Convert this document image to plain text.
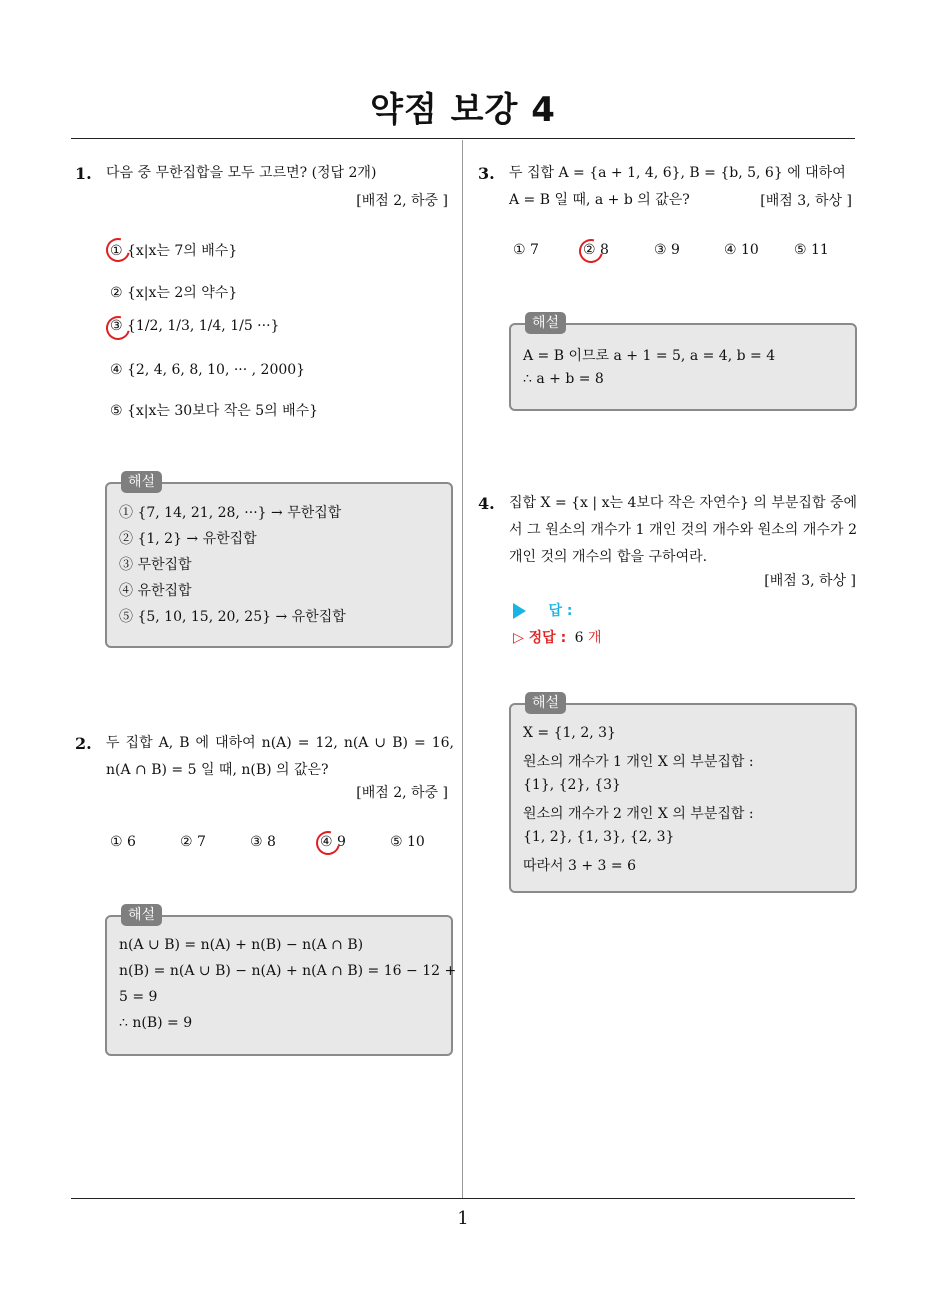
약점 보강 4
1. 다음 중 무한집합을 모두 고르면? (정답 2개)
[배점 2, 하중 ]
① {x|x는 7의 배수}
② {x|x는 2의 약수}
③ {1/2, 1/3, 1/4, 1/5 ···}
④ {2, 4, 6, 8, 10, ··· , 2000}
⑤ {x|x는 30보다 작은 5의 배수}
해설
① {7, 14, 21, 28, ···} → 무한집합
② {1, 2} → 유한집합
③ 무한집합
④ 유한집합
⑤ {5, 10, 15, 20, 25} → 유한집합
2. 두 집합 A, B 에 대하여 n(A) = 12, n(A ∪ B) = 16, n(A ∩ B) = 5 일 때, n(B) 의 값은?
[배점 2, 하중 ]
① 6	② 7	③ 8	④ 9	⑤ 10
해설
n(A ∪ B) = n(A) + n(B) − n(A ∩ B)
n(B) = n(A ∪ B) − n(A) + n(A ∩ B) = 16 − 12 +
5 = 9
∴ n(B) = 9
3. 두 집합 A = {a + 1, 4, 6}, B = {b, 5, 6} 에 대하여
A = B 일 때, a + b 의 값은?	[배점 3, 하상 ]
① 7	② 8	③ 9	④ 10	⑤ 11
해설
A = B 이므로 a + 1 = 5, a = 4, b = 4
∴ a + b = 8
4. 집합 X = {x | x는 4보다 작은 자연수} 의 부분집합 중에서 그 원소의 개수가 1 개인 것의 개수와 원소의 개수가 2 개인 것의 개수의 합을 구하여라.
[배점 3, 하상 ]
답 :
▷ 정답 : 6 개
해설
X = {1, 2, 3}
원소의 개수가 1 개인 X 의 부분집합 :
{1}, {2}, {3}
원소의 개수가 2 개인 X 의 부분집합 :
{1, 2}, {1, 3}, {2, 3}
따라서 3 + 3 = 6
1
